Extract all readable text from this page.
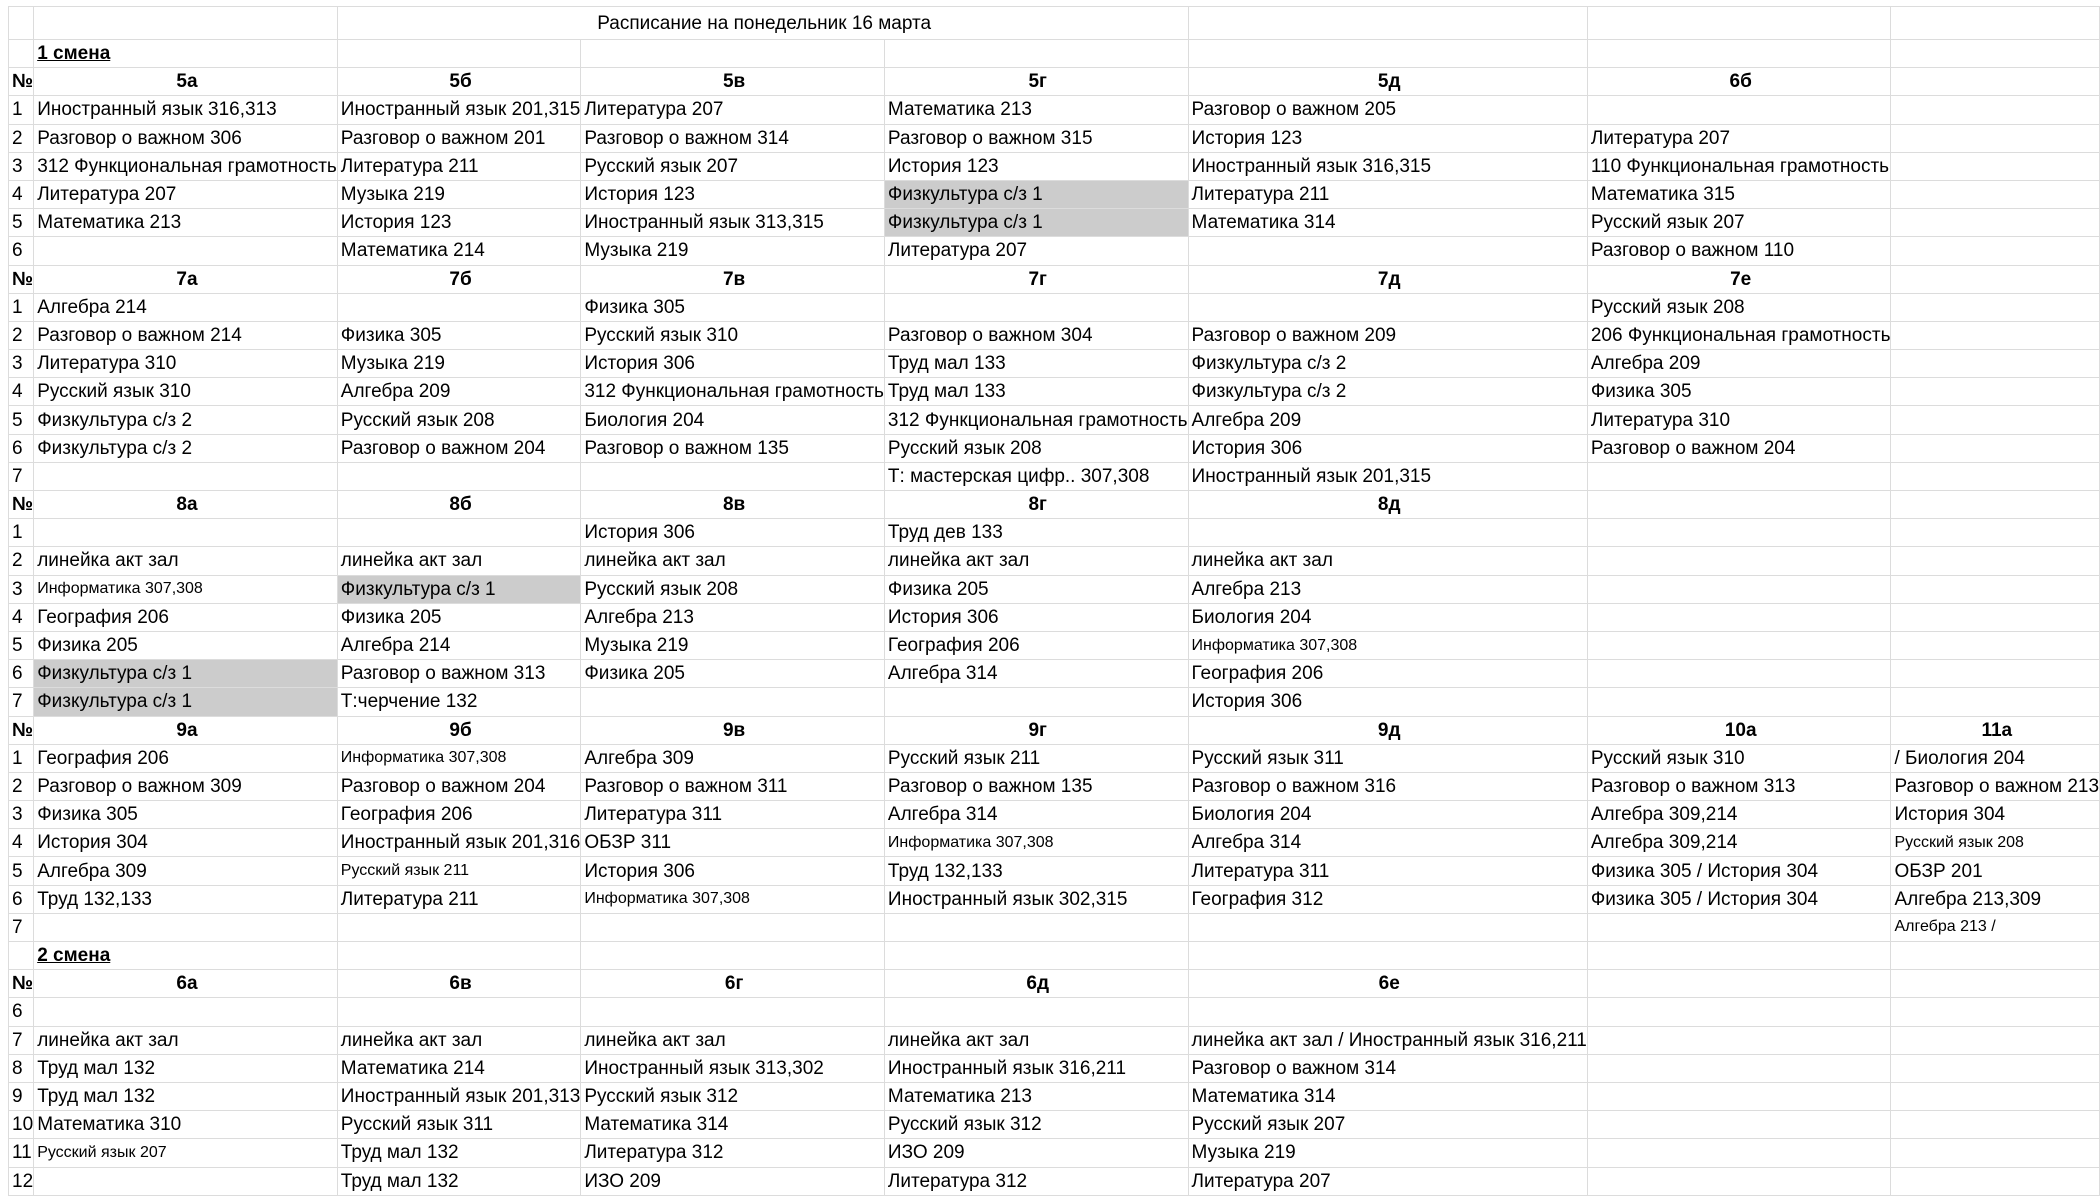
		Расписание на понедельник 16 марта					
	1 смена						
№	5а	5б	5в	5г	5д	6б	
1	Иностранный язык 316,313	Иностранный язык 201,315	Литература 207	Математика 213	Разговор о важном 205		
2	Разговор о важном 306	Разговор о важном 201	Разговор о важном 314	Разговор о важном 315	История 123	Литература 207	
3	312 Функциональная грамотность	Литература 211	Русский язык 207	История 123	Иностранный язык 316,315	110 Функциональная грамотность	
4	Литература 207	Музыка 219	История 123	Физкультура с/з 1	Литература 211	Математика 315	
5	Математика 213	История 123	Иностранный язык 313,315	Физкультура с/з 1	Математика 314	Русский язык 207	
6		Математика 214	Музыка 219	Литература 207		Разговор о важном 110	
№	7а	7б	7в	7г	7д	7е	
1	Алгебра 214		Физика 305			Русский язык 208	
2	Разговор о важном 214	Физика 305	Русский язык 310	Разговор о важном 304	Разговор о важном 209	206 Функциональная грамотность	
3	Литература 310	Музыка 219	История 306	Труд мал 133	Физкультура с/з 2	Алгебра 209	
4	Русский язык 310	Алгебра 209	312 Функциональная грамотность	Труд мал 133	Физкультура с/з 2	Физика 305	
5	Физкультура с/з 2	Русский язык 208	Биология 204	312 Функциональная грамотность	Алгебра 209	Литература 310	
6	Физкультура с/з 2	Разговор о важном 204	Разговор о важном 135	Русский язык 208	История 306	Разговор о важном 204	
7				Т: мастерская цифр.. 307,308	Иностранный язык 201,315		
№	8а	8б	8в	8г	8д		
1			История 306	Труд дев 133			
2	линейка акт зал	линейка акт зал	линейка акт зал	линейка акт зал	линейка акт зал		
3	Информатика 307,308	Физкультура с/з 1	Русский язык 208	Физика 205	Алгебра 213		
4	География 206	Физика 205	Алгебра 213	История 306	Биология 204		
5	Физика 205	Алгебра 214	Музыка 219	География 206	Информатика 307,308		
6	Физкультура с/з 1	Разговор о важном 313	Физика 205	Алгебра 314	География 206		
7	Физкультура с/з 1	Т:черчение 132			История 306		
№	9а	9б	9в	9г	9д	10а	11а
1	География 206	Информатика 307,308	Алгебра 309	Русский язык 211	Русский язык 311	Русский язык 310	/ Биология 204
2	Разговор о важном 309	Разговор о важном 204	Разговор о важном 311	Разговор о важном 135	Разговор о важном 316	Разговор о важном 313	Разговор о важном 213
3	Физика 305	География 206	Литература 311	Алгебра 314	Биология 204	Алгебра 309,214	История 304
4	История 304	Иностранный язык 201,316	ОБЗР 311	Информатика 307,308	Алгебра 314	Алгебра 309,214	Русский язык 208
5	Алгебра 309	Русский язык 211	История 306	Труд 132,133	Литература 311	Физика 305 / История 304	ОБЗР 201
6	Труд 132,133	Литература 211	Информатика 307,308	Иностранный язык 302,315	География 312	Физика 305 / История 304	Алгебра 213,309
7							Алгебра 213 /
	2 смена						
№	6а	6в	6г	6д	6е		
6							
7	линейка акт зал	линейка акт зал	линейка акт зал	линейка акт зал	линейка акт зал / Иностранный язык 316,211		
8	Труд мал 132	Математика 214	Иностранный язык 313,302	Иностранный язык 316,211	Разговор о важном 314		
9	Труд мал 132	Иностранный язык 201,313	Русский язык 312	Математика 213	Математика 314		
10	Математика 310	Русский язык 311	Математика 314	Русский язык 312	Русский язык 207		
11	Русский язык 207	Труд мал 132	Литература 312	ИЗО 209	Музыка 219		
12		Труд мал 132	ИЗО 209	Литература 312	Литература 207		
